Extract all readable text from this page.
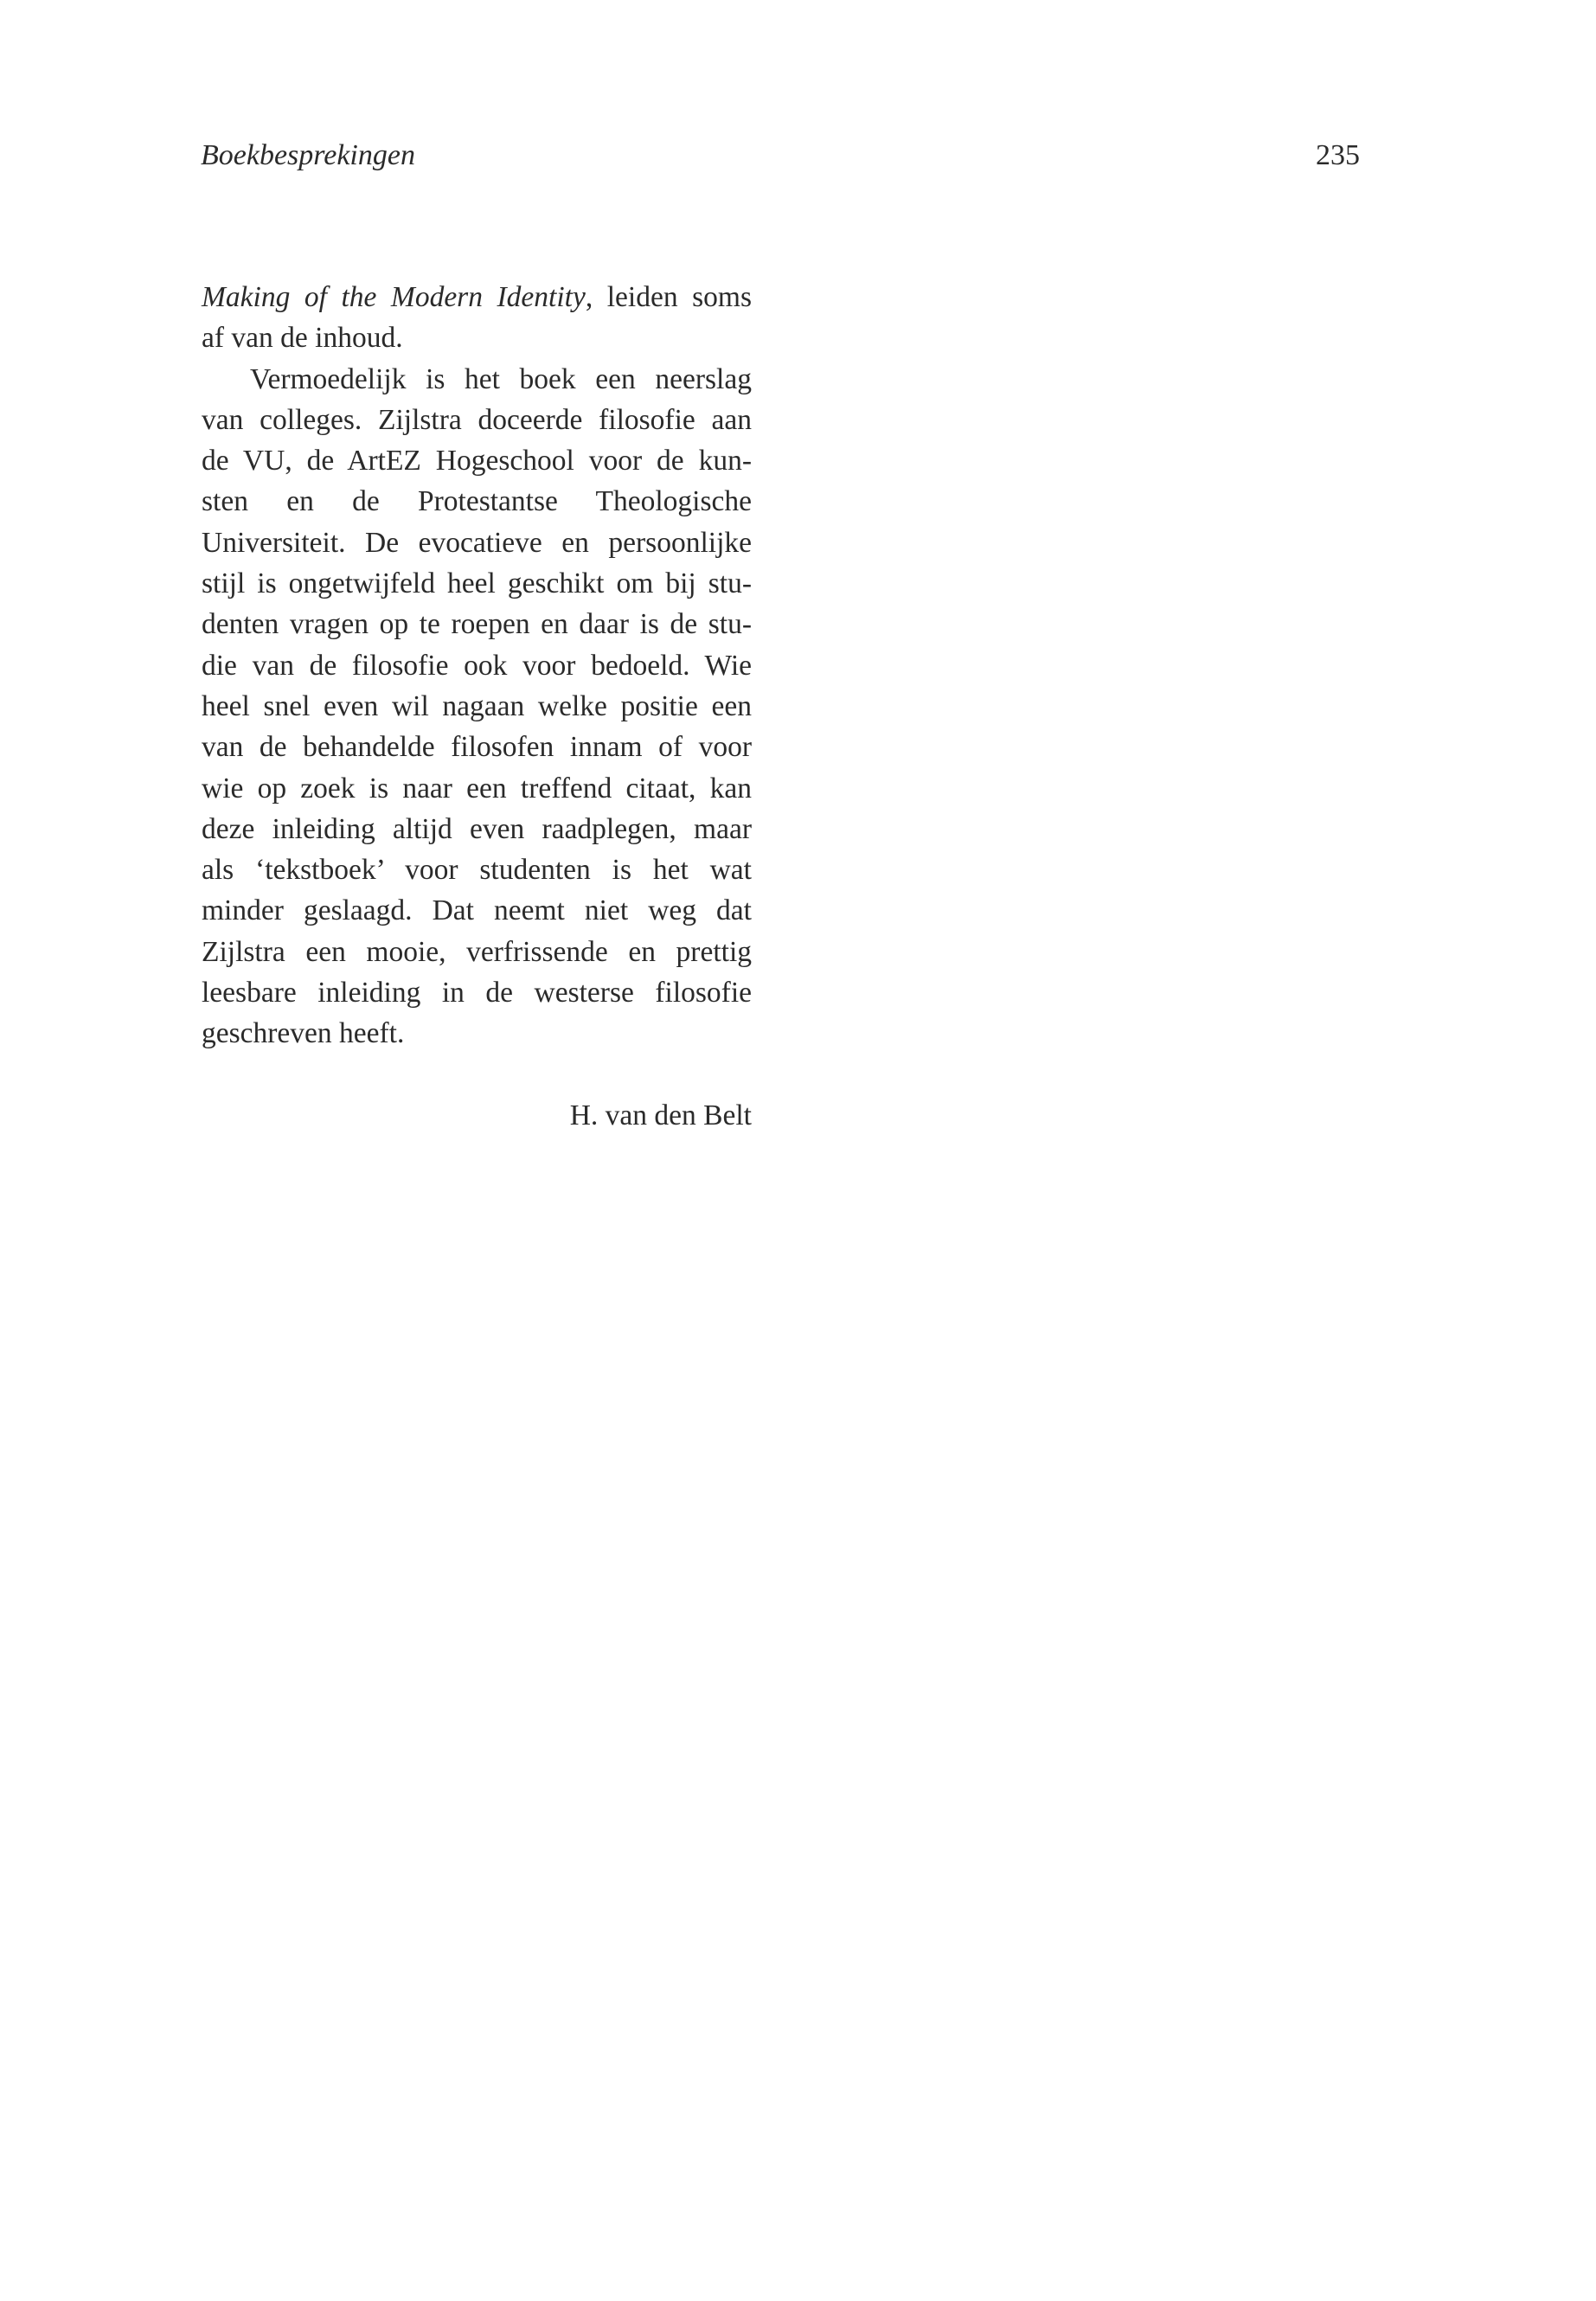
Boekbesprekingen	235

Making of the Modern Identity, leiden soms
af van de inhoud.

Vermoedelijk is het boek een neerslag
van colleges. Zijlstra doceerde filosofie aan
de VU, de ArtEZ Hogeschool voor de kun-
sten en de Protestantse Theologische
Universiteit. De evocatieve en persoonlijke
stijl is ongetwijfeld heel geschikt om bij stu-
denten vragen op te roepen en daar is de stu-
die van de filosofie ook voor bedoeld. Wie
heel snel even wil nagaan welke positie een
van de behandelde filosofen innam of voor
wie op zoek is naar een treffend citaat, kan
deze inleiding altijd even raadplegen, maar
als ‘tekstboek’ voor studenten is het wat
minder geslaagd. Dat neemt niet weg dat
Zijlstra een mooie, verfrissende en prettig
leesbare inleiding in de westerse filosofie
geschreven heeft.

H. van den Belt
